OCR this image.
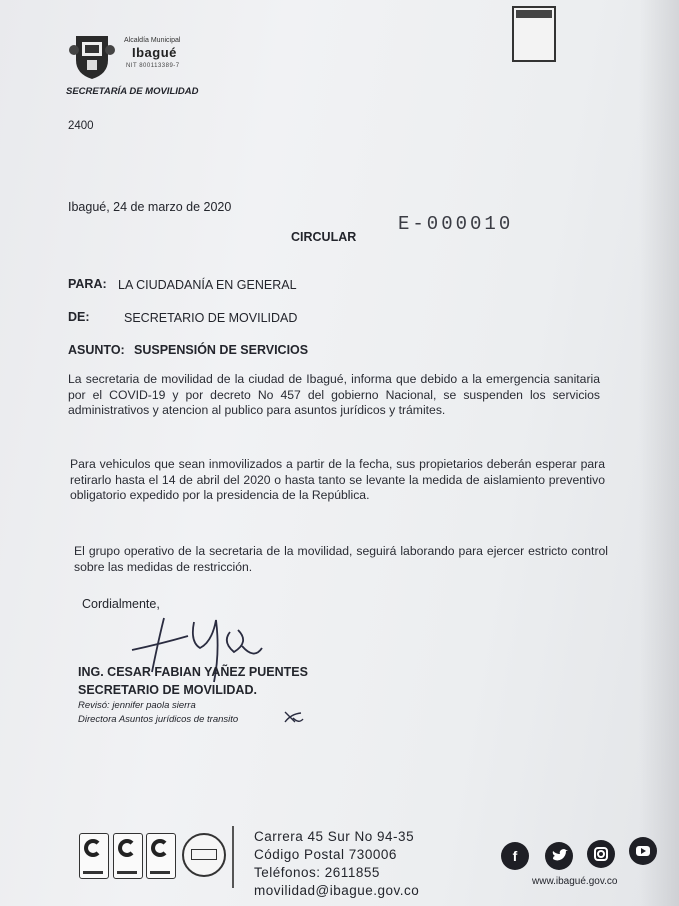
Alcaldía Municipal
Ibagué
NIT 800113389-7
SECRETARÍA DE MOVILIDAD
2400
Ibagué, 24 de marzo de 2020
CIRCULAR
E-000010
PARA: LA CIUDADANÍA EN GENERAL
DE:	SECRETARIO DE MOVILIDAD
ASUNTO: SUSPENSIÓN DE SERVICIOS
La secretaria de movilidad de la ciudad de Ibagué, informa que debido a la emergencia sanitaria por el COVID-19 y por decreto No 457 del gobierno Nacional, se suspenden los servicios administrativos y atencion al publico para asuntos jurídicos y trámites.
Para vehiculos que sean inmovilizados a partir de la fecha, sus propietarios deberán esperar para retirarlo hasta el 14 de abril del 2020 o hasta tanto se levante la medida de aislamiento preventivo obligatorio expedido por la presidencia de la República.
El grupo operativo de la secretaria de la movilidad, seguirá laborando para ejercer estricto control sobre las medidas de restricción.
Cordialmente,
ING. CESAR FABIAN YAÑEZ PUENTES
SECRETARIO DE MOVILIDAD.
Revisó: jennifer paola sierra
Directora Asuntos jurídicos de transito
Carrera 45 Sur No 94-35
Código Postal 730006
Teléfonos: 2611855
movilidad@ibague.gov.co
f
www.ibagué.gov.co
